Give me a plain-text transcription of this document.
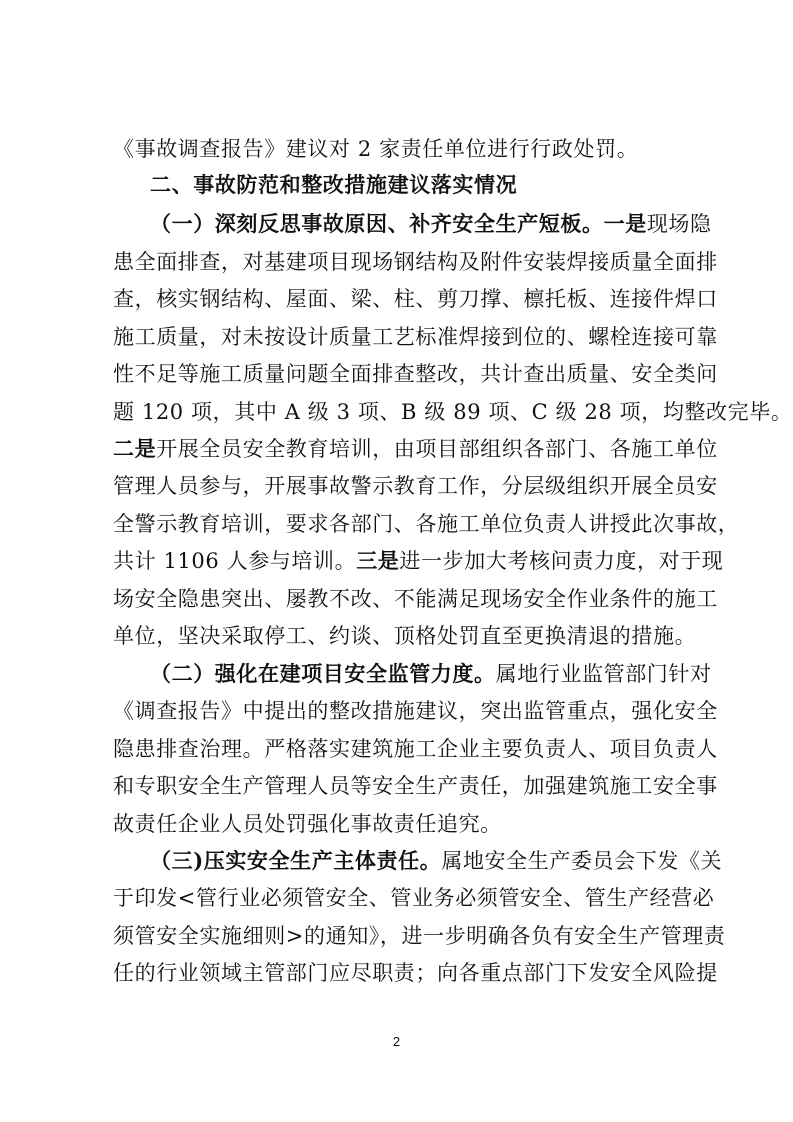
《事故调查报告》建议对 2 家责任单位进行行政处罚。
二、事故防范和整改措施建议落实情况
（一）深刻反思事故原因、补齐安全生产短板。一是现场隐
患全面排查，对基建项目现场钢结构及附件安装焊接质量全面排
查，核实钢结构、屋面、梁、柱、剪刀撑、檩托板、连接件焊口
施工质量，对未按设计质量工艺标准焊接到位的、螺栓连接可靠
性不足等施工质量问题全面排查整改，共计查出质量、安全类问
题 120 项，其中 A 级 3 项、B 级 89 项、C 级 28 项，均整改完毕。
二是开展全员安全教育培训，由项目部组织各部门、各施工单位
管理人员参与，开展事故警示教育工作，分层级组织开展全员安
全警示教育培训，要求各部门、各施工单位负责人讲授此次事故，
共计 1106 人参与培训。三是进一步加大考核问责力度，对于现
场安全隐患突出、屡教不改、不能满足现场安全作业条件的施工
单位，坚决采取停工、约谈、顶格处罚直至更换清退的措施。
（二）强化在建项目安全监管力度。属地行业监管部门针对
《调查报告》中提出的整改措施建议，突出监管重点，强化安全
隐患排查治理。严格落实建筑施工企业主要负责人、项目负责人
和专职安全生产管理人员等安全生产责任，加强建筑施工安全事
故责任企业人员处罚强化事故责任追究。
（三)压实安全生产主体责任。属地安全生产委员会下发《关
于印发<管行业必须管安全、管业务必须管安全、管生产经营必
须管安全实施细则>的通知》，进一步明确各负有安全生产管理责
任的行业领域主管部门应尽职责；向各重点部门下发安全风险提
2
